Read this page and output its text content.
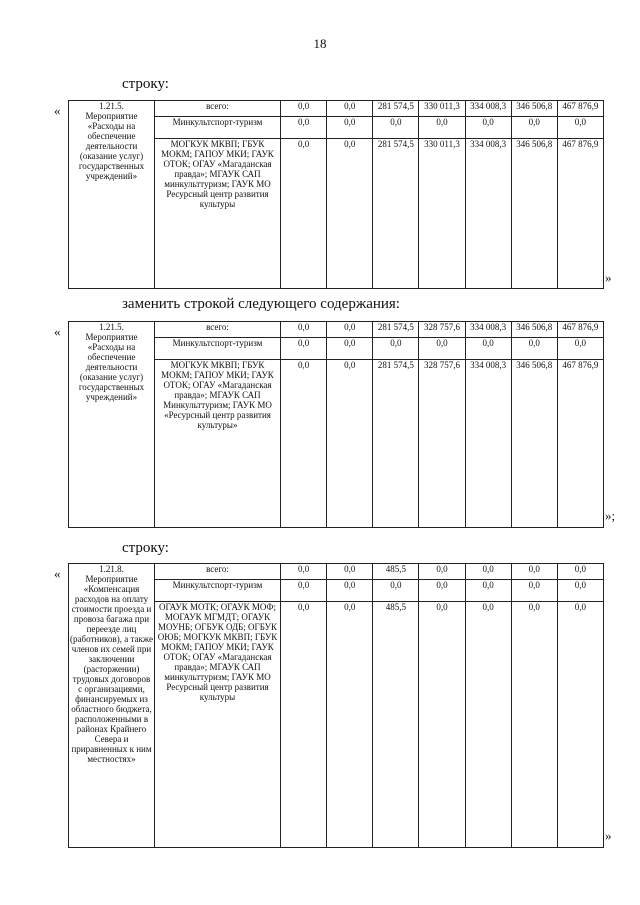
18
строку:
«
»
1.21.5.
Мероприятие «Расходы на обеспечение деятельности (оказание услуг) государственных учреждений»	всего:	0,0	0,0	281 574,5	330 011,3	334 008,3	346 506,8	467 876,9
	Минкультспорт-туризм	0,0	0,0	0,0	0,0	0,0	0,0	0,0
	МОГКУК МКВП; ГБУК МОКМ; ГАПОУ МКИ; ГАУК ОТОК; ОГАУ «Магаданская правда»; МГАУК САП минкульттуризм; ГАУК МО Ресурсный центр развития культуры	0,0	0,0	281 574,5	330 011,3	334 008,3	346 506,8	467 876,9
заменить строкой следующего содержания:
«
»;
1.21.5.
Мероприятие «Расходы на обеспечение деятельности (оказание услуг) государственных учреждений»	всего:	0,0	0,0	281 574,5	328 757,6	334 008,3	346 506,8	467 876,9
	Минкультспорт-туризм	0,0	0,0	0,0	0,0	0,0	0,0	0,0
	МОГКУК МКВП; ГБУК МОКМ; ГАПОУ МКИ; ГАУК ОТОК; ОГАУ «Магаданская правда»; МГАУК САП Минкульттуризм; ГАУК МО «Ресурсный центр развития культуры»	0,0	0,0	281 574,5	328 757,6	334 008,3	346 506,8	467 876,9
строку:
«
»
1.21.8.
Мероприятие «Компенсация расходов на оплату стоимости проезда и провоза багажа при переезде лиц (работников), а также членов их семей при заключении (расторжении) трудовых договоров с организациями, финансируемых из областного бюджета, расположенными в районах Крайнего Севера и приравненных к ним местностях»	всего:	0,0	0,0	485,5	0,0	0,0	0,0	0,0
	Минкультспорт-туризм	0,0	0,0	0,0	0,0	0,0	0,0	0,0
	ОГАУК МОТК; ОГАУК МОФ; МОГАУК МГМДТ; ОГАУК МОУНБ; ОГБУК ОДБ; ОГБУК ОЮБ; МОГКУК МКВП; ГБУК МОКМ; ГАПОУ МКИ; ГАУК ОТОК; ОГАУ «Магаданская правда»; МГАУК САП минкульттуризм; ГАУК МО Ресурсный центр развития культуры	0,0	0,0	485,5	0,0	0,0	0,0	0,0
